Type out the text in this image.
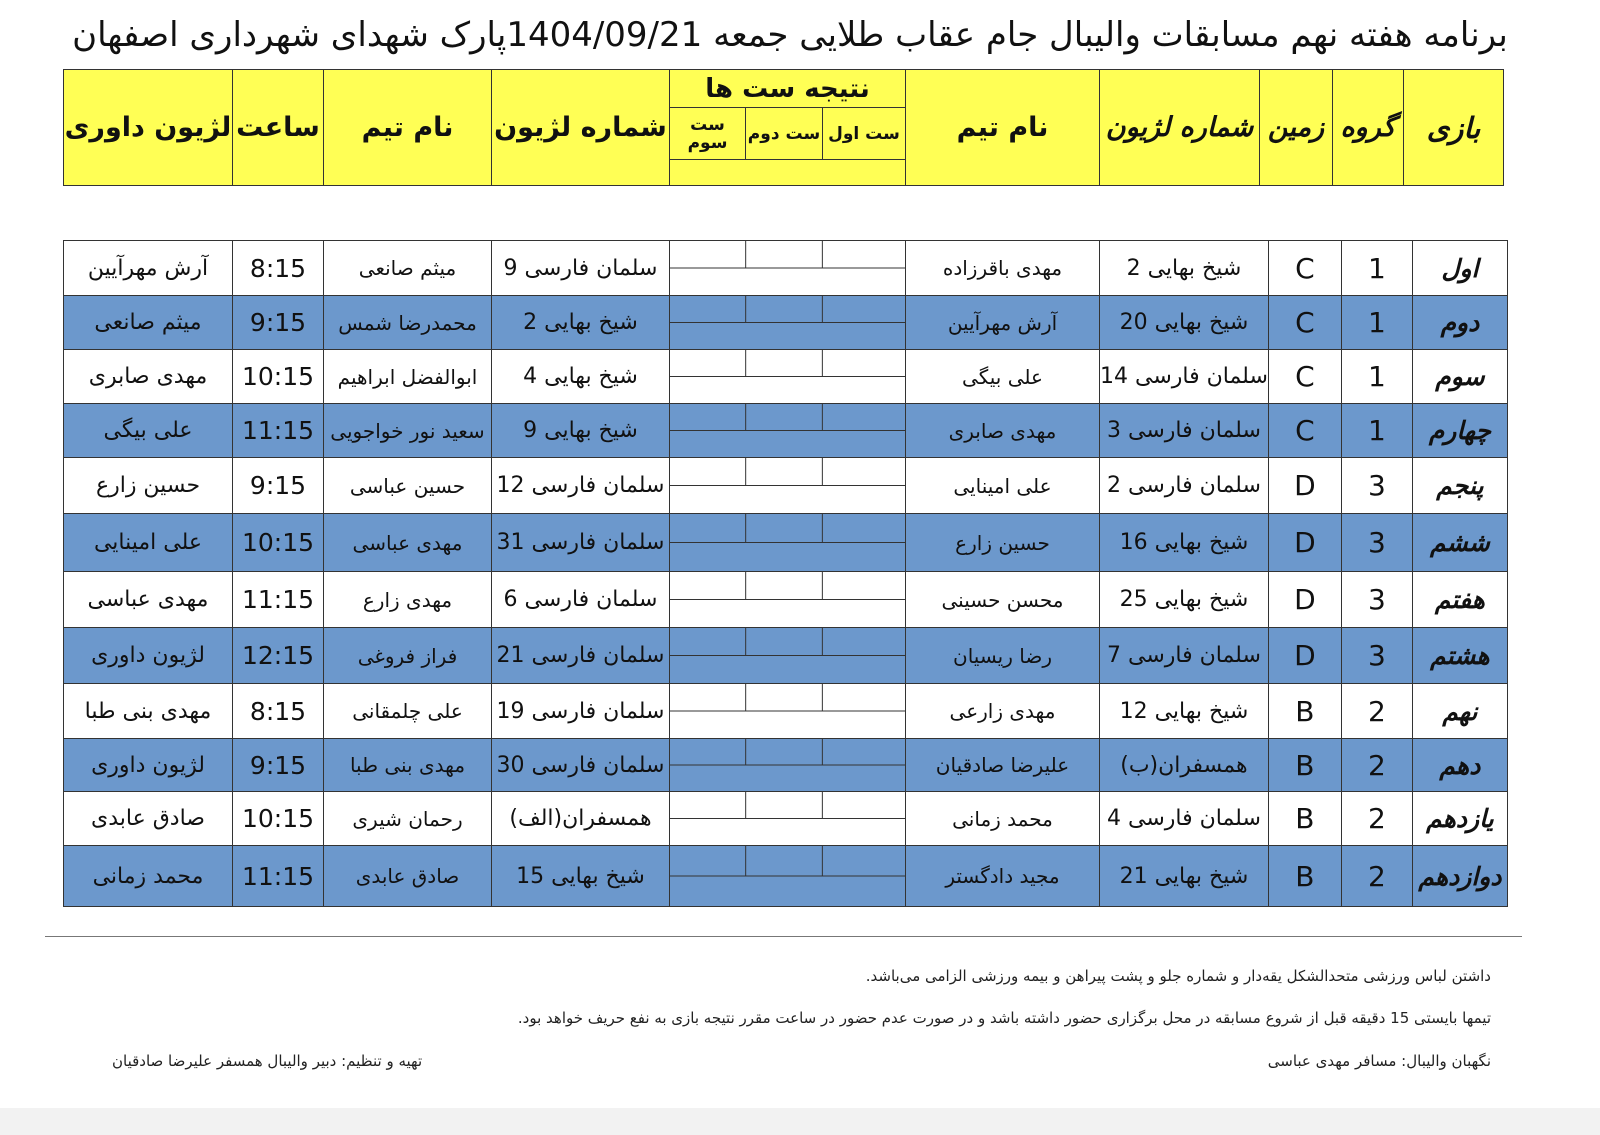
برنامه هفته نهم مسابقات والیبال جام عقاب طلایی جمعه 1404/09/21پارک شهدای شهرداری اصفهان
لژیون داوری	ساعت	نام تیم	شماره لژیون	نتیجه ست ها			نام تیم	شماره لژیون	زمین	گروه	بازی
				ست سوم	ست دوم	ست اول					

آرش مهرآیین	8:15	میثم صانعی	9 سلمان فارسی		مهدی باقرزاده	2 شیخ بهایی	C	1	اول
میثم صانعی	9:15	محمدرضا شمس	2 شیخ بهایی		آرش مهرآیین	20 شیخ بهایی	C	1	دوم
مهدی صابری	10:15	ابوالفضل ابراهیم	4 شیخ بهایی		علی بیگی	14 سلمان فارسی	C	1	سوم
علی بیگی	11:15	سعید نور خواجویی	9 شیخ بهایی		مهدی صابری	3 سلمان فارسی	C	1	چهارم
حسین زارع	9:15	حسین عباسی	12 سلمان فارسی		علی امینایی	2 سلمان فارسی	D	3	پنجم
علی امینایی	10:15	مهدی عباسی	31 سلمان فارسی		حسین زارع	16 شیخ بهایی	D	3	ششم
مهدی عباسی	11:15	مهدی زارع	6 سلمان فارسی		محسن حسینی	25 شیخ بهایی	D	3	هفتم
لژیون داوری	12:15	فراز فروغی	21 سلمان فارسی		رضا ریسیان	7 سلمان فارسی	D	3	هشتم
مهدی بنی طبا	8:15	علی چلمقانی	19 سلمان فارسی		مهدی زارعی	12 شیخ بهایی	B	2	نهم
لژیون داوری	9:15	مهدی بنی طبا	30 سلمان فارسی		علیرضا صادقیان	همسفران(ب)	B	2	دهم
صادق عابدی	10:15	رحمان شیری	همسفران(الف)		محمد زمانی	4 سلمان فارسی	B	2	یازدهم
محمد زمانی	11:15	صادق عابدی	15 شیخ بهایی		مجید دادگستر	21 شیخ بهایی	B	2	دوازدهم
داشتن لباس ورزشی متحدالشکل یقه‌دار و شماره جلو و پشت پیراهن و بیمه ورزشی الزامی می‌باشد.
تیمها بایستی 15 دقیقه قبل از شروع مسابقه در محل برگزاری حضور داشته باشد و در صورت عدم حضور در ساعت مقرر نتیجه بازی به نفع حریف خواهد بود.
نگهبان والیبال: مسافر مهدی عباسی
تهیه و تنظیم: دبیر والیبال همسفر علیرضا صادقیان
